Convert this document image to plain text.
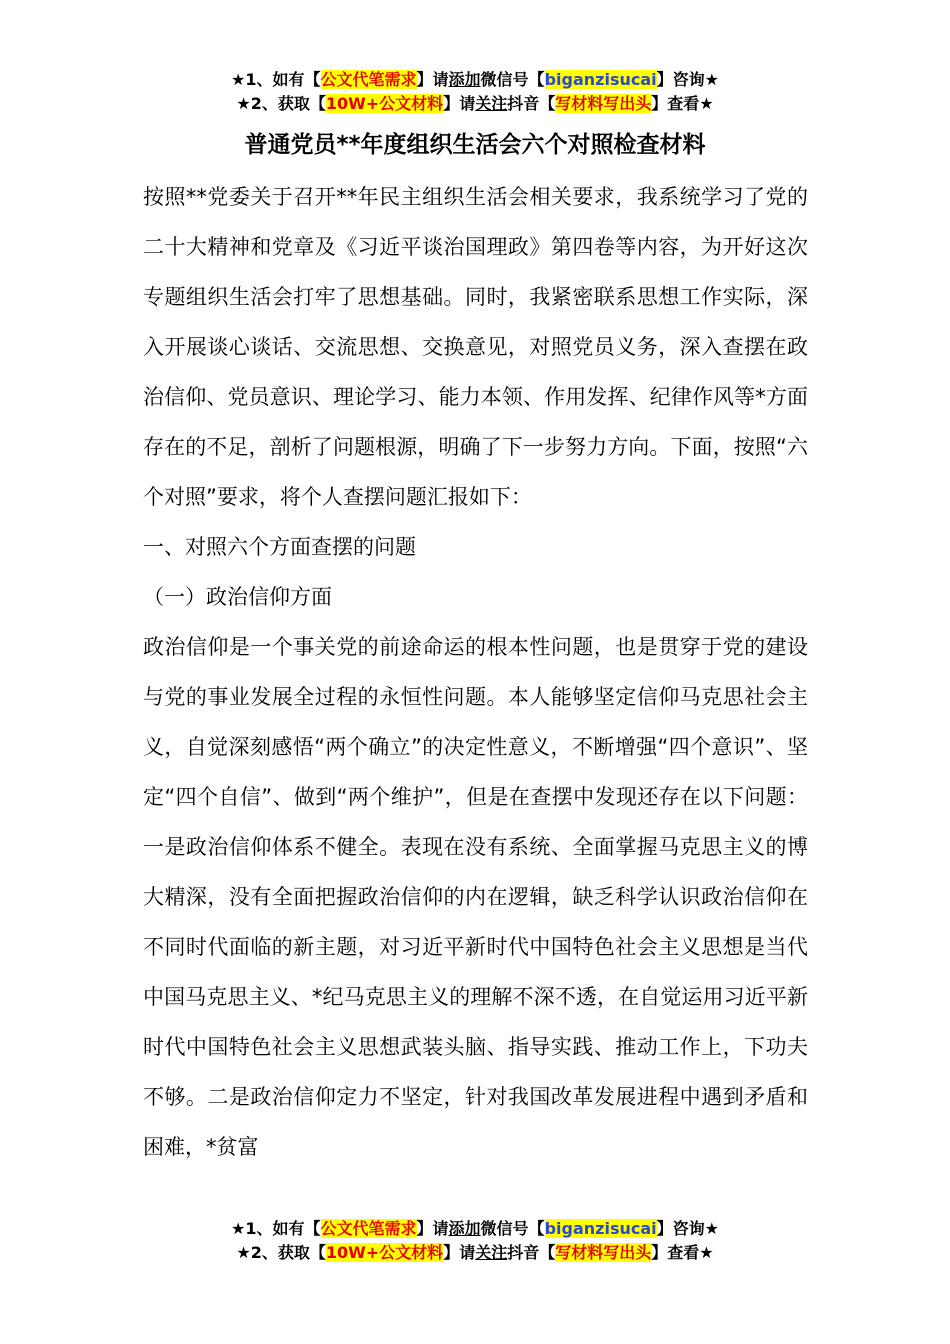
★1、如有【公文代笔需求】请添加微信号【biganzisucai】咨询★
★2、获取【10W+公文材料】请关注抖音【写材料写出头】查看★
普通党员**年度组织生活会六个对照检查材料

按照**党委关于召开**年民主组织生活会相关要求，我系统学习了党的二十大精神和党章及《习近平谈治国理政》第四卷等内容，为开好这次专题组织生活会打牢了思想基础。同时，我紧密联系思想工作实际，深入开展谈心谈话、交流思想、交换意见，对照党员义务，深入查摆在政治信仰、党员意识、理论学习、能力本领、作用发挥、纪律作风等*方面存在的不足，剖析了问题根源，明确了下一步努力方向。下面，按照“六个对照”要求，将个人查摆问题汇报如下：

一、对照六个方面查摆的问题

（一）政治信仰方面

政治信仰是一个事关党的前途命运的根本性问题，也是贯穿于党的建设与党的事业发展全过程的永恒性问题。本人能够坚定信仰马克思社会主义，自觉深刻感悟“两个确立”的决定性意义，不断增强“四个意识”、坚定“四个自信”、做到“两个维护”，但是在查摆中发现还存在以下问题：一是政治信仰体系不健全。表现在没有系统、全面掌握马克思主义的博大精深，没有全面把握政治信仰的内在逻辑，缺乏科学认识政治信仰在不同时代面临的新主题，对习近平新时代中国特色社会主义思想是当代中国马克思主义、*纪马克思主义的理解不深不透，在自觉运用习近平新时代中国特色社会主义思想武装头脑、指导实践、推动工作上，下功夫不够。二是政治信仰定力不坚定，针对我国改革发展进程中遇到矛盾和困难，*贫富

★1、如有【公文代笔需求】请添加微信号【biganzisucai】咨询★
★2、获取【10W+公文材料】请关注抖音【写材料写出头】查看★
